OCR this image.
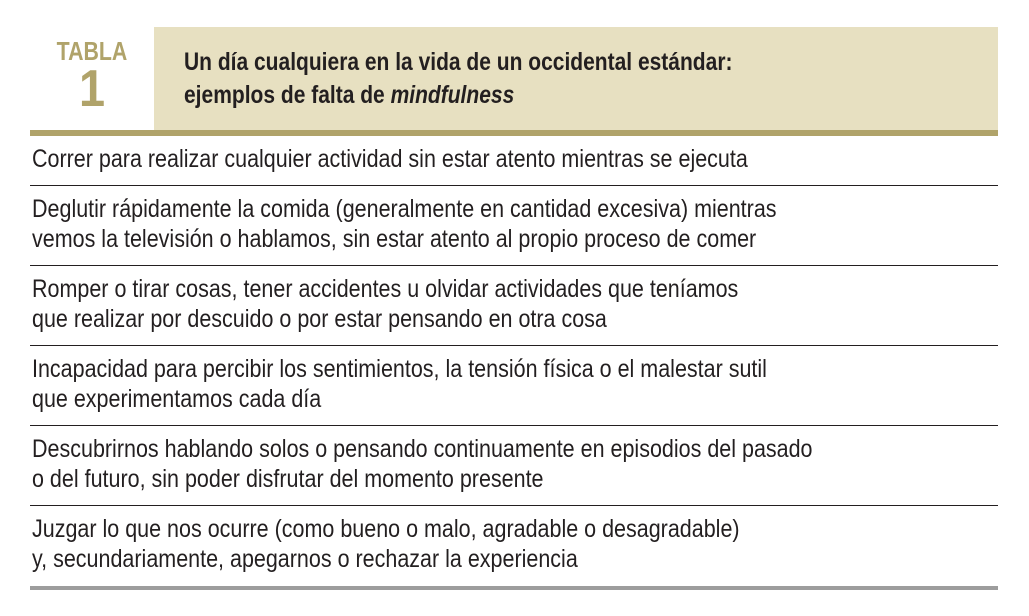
TABLA
1	Un día cualquiera en la vida de un occidental estándar:
ejemplos de falta de mindfulness
Correr para realizar cualquier actividad sin estar atento mientras se ejecuta
Deglutir rápidamente la comida (generalmente en cantidad excesiva) mientras
vemos la televisión o hablamos, sin estar atento al propio proceso de comer
Romper o tirar cosas, tener accidentes u olvidar actividades que teníamos
que realizar por descuido o por estar pensando en otra cosa
Incapacidad para percibir los sentimientos, la tensión física o el malestar sutil
que experimentamos cada día
Descubrirnos hablando solos o pensando continuamente en episodios del pasado
o del futuro, sin poder disfrutar del momento presente
Juzgar lo que nos ocurre (como bueno o malo, agradable o desagradable)
y, secundariamente, apegarnos o rechazar la experiencia
